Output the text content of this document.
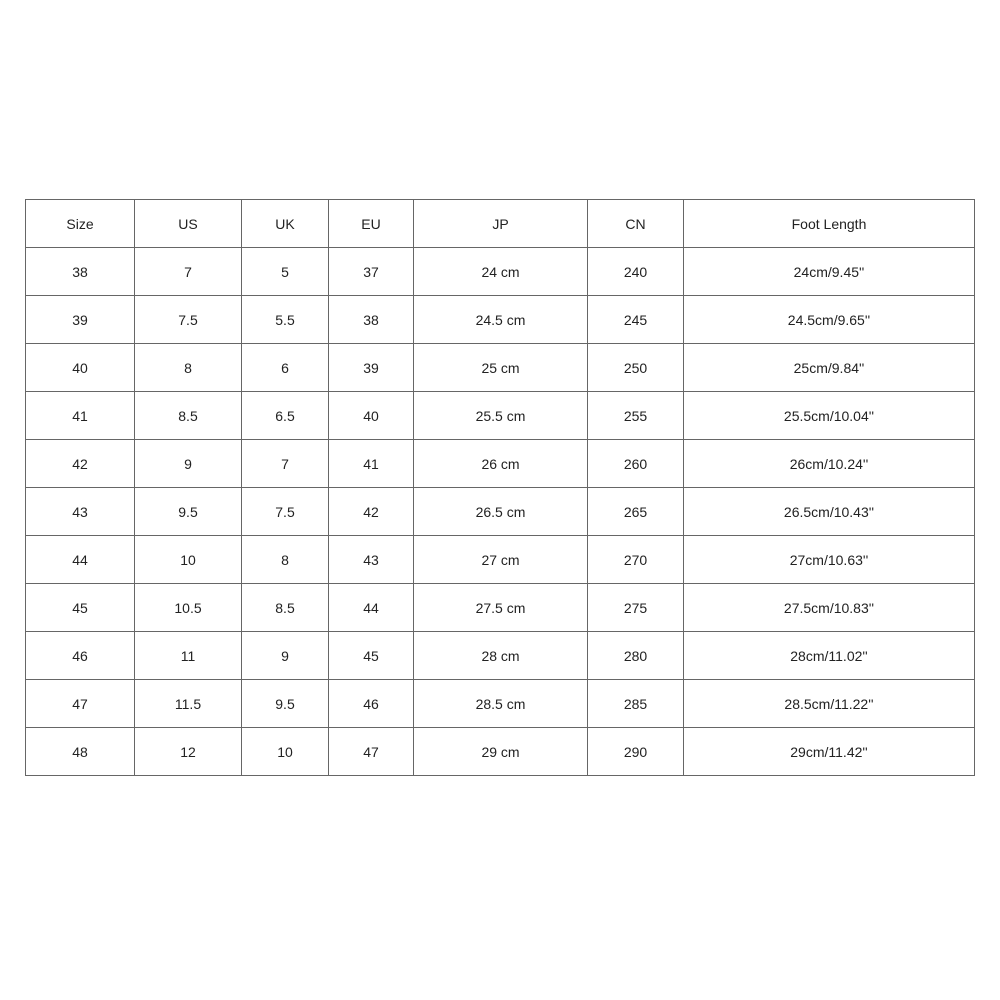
Size	US	UK	EU	JP	CN	Foot Length
38	7	5	37	24 cm	240	24cm/9.45''
39	7.5	5.5	38	24.5 cm	245	24.5cm/9.65''
40	8	6	39	25 cm	250	25cm/9.84''
41	8.5	6.5	40	25.5 cm	255	25.5cm/10.04''
42	9	7	41	26 cm	260	26cm/10.24''
43	9.5	7.5	42	26.5 cm	265	26.5cm/10.43''
44	10	8	43	27 cm	270	27cm/10.63''
45	10.5	8.5	44	27.5 cm	275	27.5cm/10.83''
46	11	9	45	28 cm	280	28cm/11.02''
47	11.5	9.5	46	28.5 cm	285	28.5cm/11.22''
48	12	10	47	29 cm	290	29cm/11.42''
